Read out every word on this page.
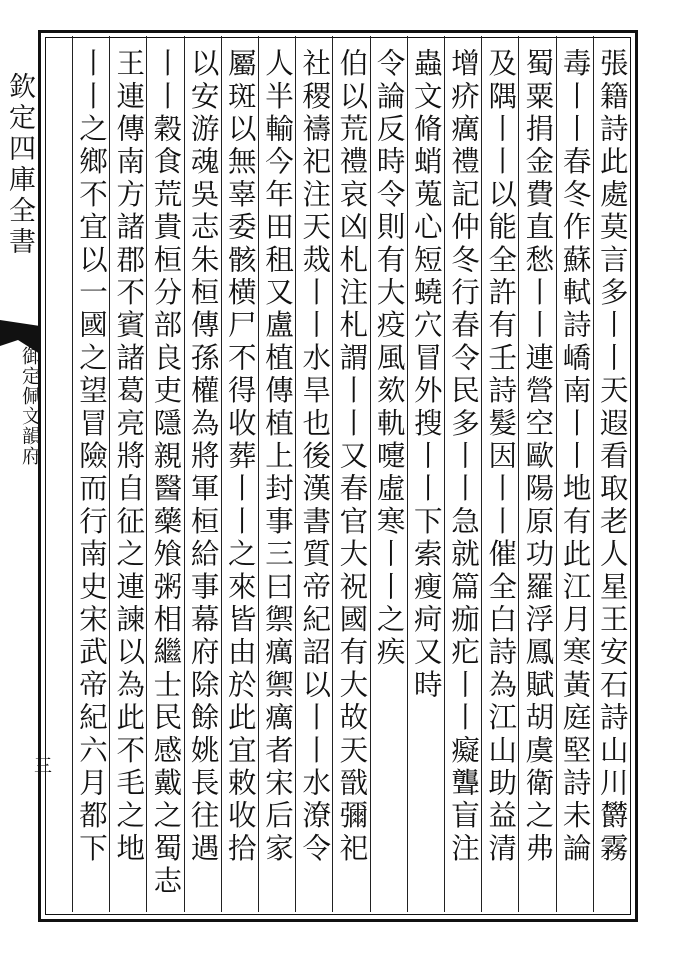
欽定四庫全書
御定佩文韻府
三	張籍詩此處莫言多丨丨天遐看取老人星王安石詩山川欝霧
毒丨丨春冬作蘇軾詩嶠南丨丨地有此江月寒黃庭堅詩未論
蜀粟捐金費直愁丨丨連營空歐陽原功羅浮鳳賦胡虞衛之弗
及隅丨丨以能全許有壬詩髮因丨丨催全白詩為江山助益清
增疥癘禮記仲冬行春令民多丨丨急就篇痂疕丨丨癡聾盲注
蟲文脩蛸蒐心短蟯穴冒外搜丨丨下索瘦疴又時
令論反時令則有大疫風欬軌嚏虛寒丨丨之疾
伯以荒禮哀凶札注札謂丨丨又春官大祝國有大故天戩彌祀
社稷禱祀注天烖丨丨水旱也後漢書質帝紀詔以丨丨水潦令
人半輸今年田租又盧植傳植上封事三曰禦癘禦癘者宋后家
屬斑以無辜委骸横尸不得收葬丨丨之來皆由於此宜敕收拾
以安游魂吳志朱桓傳孫權為將軍桓給事幕府除餘姚長往遇
丨丨穀食荒貴桓分部良吏隱親醫藥飧粥相繼士民感戴之蜀志
王連傳南方諸郡不賓諸葛亮將自征之連諫以為此不毛之地
丨丨之鄉不宜以一國之望冒險而行南史宋武帝紀六月都下
